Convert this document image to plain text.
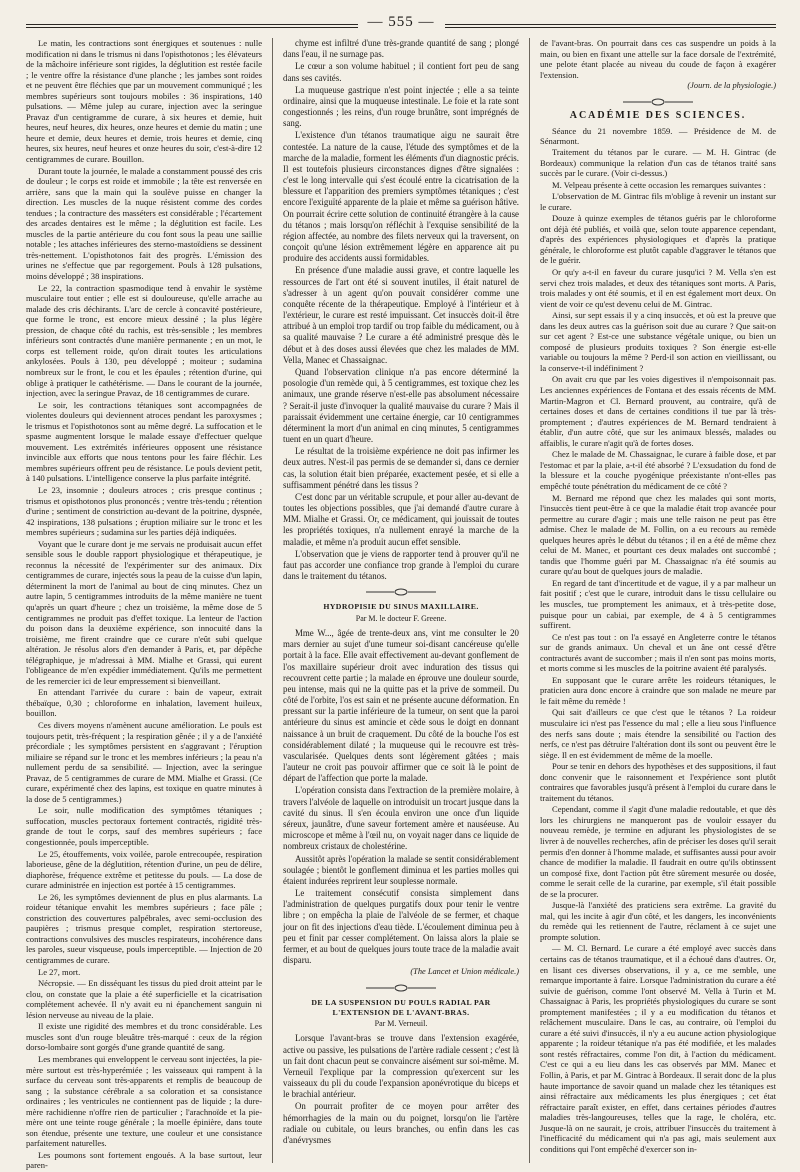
— 555 —

Le matin, les contractions sont énergiques et soutenues : nulle modification ni dans le trismus ni dans l'opisthotonos ; les élévateurs de la mâchoire inférieure sont rigides, la déglutition est restée facile ; le ventre offre la résistance d'une planche ; les jambes sont roides et ne peuvent être fléchies que par un mouvement communiqué ; les membres supérieurs sont toujours mobiles : 36 inspirations, 140 pulsations. — Même julep au curare, injection avec la seringue Pravaz d'un centigramme de curare, à six heures et demie, huit heures, neuf heures, dix heures, onze heures et demie du matin ; une heure et demie, deux heures et demie, trois heures et demie, cinq heures, six heures, neuf heures et onze heures du soir, c'est-à-dire 12 centigrammes de curare. Bouillon.

Durant toute la journée, le malade a constamment poussé des cris de douleur ; le corps est roide et immobile ; la tête est renversée en arrière, sans que la main qui la soulève puisse en changer la direction. Les muscles de la nuque résistent comme des cordes tendues ; la contracture des masséters est considérable ; l'écartement des arcades dentaires est le même ; la déglutition est facile. Les muscles de la partie antérieure du cou font sous la peau une saillie notable ; les attaches inférieures des sterno-mastoïdiens se dessinent très-nettement. L'opisthotonos fait des progrès. L'émission des urines ne s'effectue que par regorgement. Pouls à 128 pulsations, moins développé ; 38 inspirations.

Le 22, la contraction spasmodique tend à envahir le système musculaire tout entier ; elle est si douloureuse, qu'elle arrache au malade des cris déchirants. L'arc de cercle à concavité postérieure, que forme le tronc, est encore mieux dessiné ; la plus légère pression, de chaque côté du rachis, est très-sensible ; les membres inférieurs sont contractés d'une manière permanente ; en un mot, le corps est tellement roide, qu'on dirait toutes les articulations ankylosées. Pouls à 130, peu développé ; moiteur ; sudamina nombreux sur le front, le cou et les épaules ; rétention d'urine, qui oblige à pratiquer le cathétérisme. — Dans le courant de la journée, injection, avec la seringue Pravaz, de 18 centigrammes de curare.

Le soir, les contractions tétaniques sont accompagnées de violentes douleurs qui deviennent atroces pendant les paroxysmes ; le trismus et l'opisthotonos sont au même degré. La suffocation et le spasme augmentent lorsque le malade essaye d'effectuer quelque mouvement. Les extrémités inférieures opposent une résistance invincible aux efforts que nous tentons pour les faire fléchir. Les membres supérieurs offrent peu de résistance. Le pouls devient petit, à 140 pulsations. L'intelligence conserve la plus parfaite intégrité.

Le 23, insomnie ; douleurs atroces ; cris presque continus ; trismus et opisthotonos plus prononcés ; ventre très-tendu ; rétention d'urine ; sentiment de constriction au-devant de la poitrine, dyspnée, 42 inspirations, 138 pulsations ; éruption miliaire sur le tronc et les membres supérieurs ; sudamina sur les parties déjà indiquées.

Voyant que le curare dont je me servais ne produisait aucun effet sensible sous le double rapport physiologique et thérapeutique, je reconnus la nécessité de l'expérimenter sur des animaux. Dix centigrammes de curare, injectés sous la peau de la cuisse d'un lapin, déterminent la mort de l'animal au bout de cinq minutes. Chez un autre lapin, 5 centigrammes introduits de la même manière ne tuent qu'après un quart d'heure ; chez un troisième, la même dose de 5 centigrammes ne produit pas d'effet toxique. La lenteur de l'action du poison dans la deuxième expérience, son innocuité dans la troisième, me firent craindre que ce curare n'eût subi quelque altération. Je résolus alors d'en demander à Paris, et, par dépêche télégraphique, je m'adressai à MM. Mialhe et Grassi, qui eurent l'obligeance de m'en expédier immédiatement. Qu'ils me permettent de les remercier ici de leur empressement si bienveillant.

En attendant l'arrivée du curare : bain de vapeur, extrait thébaïque, 0,30 ; chloroforme en inhalation, lavement huileux, bouillon.

Ces divers moyens n'amènent aucune amélioration. Le pouls est toujours petit, très-fréquent ; la respiration gênée ; il y a de l'anxiété précordiale ; les symptômes persistent en s'aggravant ; l'éruption miliaire se répand sur le tronc et les membres inférieurs ; la peau n'a nullement perdu de sa sensibilité. — Injection, avec la seringue Pravaz, de 5 centigrammes de curare de MM. Mialhe et Grassi. (Ce curare, expérimenté chez des lapins, est toxique en quatre minutes à la dose de 5 centigrammes.)

Le soir, nulle modification des symptômes tétaniques ; suffocation, muscles pectoraux fortement contractés, rigidité très-grande de tout le corps, sauf des membres supérieurs ; face congestionnée, pouls imperceptible.

Le 25, étouffements, voix voilée, parole entrecoupée, respiration laborieuse, gêne de la déglutition, rétention d'urine, un peu de délire, diaphorèse, fréquence extrême et petitesse du pouls. — La dose de curare administrée en injection est portée à 15 centigrammes.

Le 26, les symptômes deviennent de plus en plus alarmants. La roideur tétanique envahit les membres supérieurs ; face pâle ; constriction des couvertures palpébrales, avec semi-occlusion des paupières ; trismus presque complet, respiration stertoreuse, contractions convulsives des muscles respirateurs, incohérence dans les paroles, sueur visqueuse, pouls imperceptible. — Injection de 20 centigrammes de curare.

Le 27, mort.

Nécropsie. — En disséquant les tissus du pied droit atteint par le clou, on constate que la plaie a été superficielle et la cicatrisation complétement achevée. Il n'y avait eu ni épanchement sanguin ni lésion nerveuse au niveau de la plaie.

Il existe une rigidité des membres et du tronc considérable. Les muscles sont d'un rouge bleuâtre très-marqué : ceux de la région dorso-lombaire sont gorgés d'une grande quantité de sang.

Les membranes qui enveloppent le cerveau sont injectées, la pie-mère surtout est très-hyperémiée ; les vaisseaux qui rampent à la surface du cerveau sont très-apparents et remplis de beaucoup de sang ; la substance cérébrale a sa coloration et sa consistance ordinaires ; les ventricules ne contiennent pas de liquide ; la dure-mère rachidienne n'offre rien de particulier ; l'arachnoïde et la pie-mère ont une teinte rouge générale ; la moelle épinière, dans toute son étendue, présente une texture, une couleur et une consistance parfaitement naturelles.

Les poumons sont fortement engoués. A la base surtout, leur paren-

chyme est infiltré d'une très-grande quantité de sang ; plongé dans l'eau, il ne surnage pas.

Le cœur a son volume habituel ; il contient fort peu de sang dans ses cavités.

La muqueuse gastrique n'est point injectée ; elle a sa teinte ordinaire, ainsi que la muqueuse intestinale. Le foie et la rate sont congestionnés ; les reins, d'un rouge brunâtre, sont imprégnés de sang.

L'existence d'un tétanos traumatique aigu ne saurait être contestée. La nature de la cause, l'étude des symptômes et de la marche de la maladie, forment les éléments d'un diagnostic précis. Il est toutefois plusieurs circonstances dignes d'être signalées : c'est le long intervalle qui s'est écoulé entre la cicatrisation de la blessure et l'apparition des premiers symptômes tétaniques ; c'est encore l'exiguïté apparente de la plaie et même sa guérison hâtive. On pourrait écrire cette solution de continuité étrangère à la cause du tétanos ; mais lorsqu'on réfléchit à l'exquise sensibilité de la région affectée, au nombre des filets nerveux qui la traversent, on conçoit qu'une lésion extrêmement légère en apparence ait pu produire des accidents aussi formidables.

En présence d'une maladie aussi grave, et contre laquelle les ressources de l'art ont été si souvent inutiles, il était naturel de s'adresser à un agent qu'on pouvait considérer comme une conquête récente de la thérapeutique. Employé à l'intérieur et à l'extérieur, le curare est resté impuissant. Cet insuccès doit-il être attribué à un emploi trop tardif ou trop faible du médicament, ou à sa qualité mauvaise ? Le curare a été administré presque dès le début et à des doses aussi élevées que chez les malades de MM. Vella, Manec et Chassaignac.

Quand l'observation clinique n'a pas encore déterminé la posologie d'un remède qui, à 5 centigrammes, est toxique chez les animaux, une grande réserve n'est-elle pas absolument nécessaire ? Serait-il juste d'invoquer la qualité mauvaise du curare ? Mais il paraissait évidemment une certaine énergie, car 10 centigrammes déterminent la mort d'un animal en cinq minutes, 5 centigrammes tuent en un quart d'heure.

Le résultat de la troisième expérience ne doit pas infirmer les deux autres. N'est-il pas permis de se demander si, dans ce dernier cas, la solution était bien préparée, exactement pesée, et si elle a suffisamment pénétré dans les tissus ?

C'est donc par un véritable scrupule, et pour aller au-devant de toutes les objections possibles, que j'ai demandé d'autre curare à MM. Mialhe et Grassi. Or, ce médicament, qui jouissait de toutes les propriétés toxiques, n'a nullement enrayé la marche de la maladie, et même n'a produit aucun effet sensible.

L'observation que je viens de rapporter tend à prouver qu'il ne faut pas accorder une confiance trop grande à l'emploi du curare dans le traitement du tétanos.

HYDROPISIE DU SINUS MAXILLAIRE.
Par M. le docteur F. Greene.

Mme W..., âgée de trente-deux ans, vint me consulter le 20 mars dernier au sujet d'une tumeur soi-disant cancéreuse qu'elle portait à la face. Elle avait effectivement au-devant gonflement de l'os maxillaire supérieur droit avec induration des tissus qui recouvrent cette partie ; la malade en éprouve une douleur sourde, peu intense, mais qui ne la quitte pas et la prive de sommeil. Du côté de l'orbite, l'os est sain et ne présente aucune déformation. En pressant sur la partie inférieure de la tumeur, on sent que la paroi antérieure du sinus est amincie et cède sous le doigt en donnant naissance à un bruit de craquement. Du côté de la bouche l'os est considérablement dilaté ; la muqueuse qui le recouvre est très-vascularisée. Quelques dents sont légèrement gâtées ; mais l'auteur ne croit pas pouvoir affirmer que ce soit là le point de départ de l'affection que porte la malade.

L'opération consista dans l'extraction de la première molaire, à travers l'alvéole de laquelle on introduisit un trocart jusque dans la cavité du sinus. Il s'en écoula environ une once d'un liquide séreux, jaunâtre, d'une saveur fortement amère et nauséeuse. Au microscope et même à l'œil nu, on voyait nager dans ce liquide de nombreux cristaux de cholestérine.

Aussitôt après l'opération la malade se sentit considérablement soulagée ; bientôt le gonflement diminua et les parties molles qui étaient indurées reprirent leur souplesse normale.

Le traitement consécutif consista simplement dans l'administration de quelques purgatifs doux pour tenir le ventre libre ; on empêcha la plaie de l'alvéole de se fermer, et chaque jour on fit des injections d'eau tiède. L'écoulement diminua peu à peu et finit par cesser complétement. On laissa alors la plaie se fermer, et au bout de quelques jours toute trace de la maladie avait disparu.

(The Lancet et Union médicale.)
DE LA SUSPENSION DU POULS RADIAL PAR L'EXTENSION DE L'AVANT-BRAS.
Par M. Verneuil.

Lorsque l'avant-bras se trouve dans l'extension exagérée, active ou passive, les pulsations de l'artère radiale cessent ; c'est là un fait dont chacun peut se convaincre aisément sur soi-même. M. Verneuil l'explique par la compression qu'exercent sur les vaisseaux du pli du coude l'expansion aponévrotique du biceps et le brachial antérieur.

On pourrait profiter de ce moyen pour arrêter des hémorrhagies de la main ou du poignet, lorsqu'on lie l'artère radiale ou cubitale, ou leurs branches, ou enfin dans les cas d'anévrysmes

de l'avant-bras. On pourrait dans ces cas suspendre un poids à la main, ou bien en fixant une attelle sur la face dorsale de l'extrémité, une pelote étant placée au niveau du coude de façon à exagérer l'extension.

(Journ. de la physiologie.)
ACADÉMIE DES SCIENCES.

Séance du 21 novembre 1859. — Présidence de M. de Sénarmont.

Traitement du tétanos par le curare. — M. H. Gintrac (de Bordeaux) communique la relation d'un cas de tétanos traité sans succès par le curare. (Voir ci-dessus.)

M. Velpeau présente à cette occasion les remarques suivantes :

L'observation de M. Gintrac fils m'oblige à revenir un instant sur le curare.

Douze à quinze exemples de tétanos guéris par le chloroforme ont déjà été publiés, et voilà que, selon toute apparence cependant, d'après des expériences physiologiques et d'après la pratique générale, le chloroforme est plutôt capable d'aggraver le tétanos que de le guérir.

Or qu'y a-t-il en faveur du curare jusqu'ici ? M. Vella s'en est servi chez trois malades, et deux des tétaniques sont morts. A Paris, trois malades y ont été soumis, et il en est également mort deux. On vient de voir ce qu'est devenu celui de M. Gintrac.

Ainsi, sur sept essais il y a cinq insuccès, et où est la preuve que dans les deux autres cas la guérison soit due au curare ? Que sait-on sur cet agent ? Est-ce une substance végétale unique, ou bien un composé de plusieurs produits toxiques ? Son énergie est-elle variable ou toujours la même ? Perd-il son action en vieillissant, ou la conserve-t-il indéfiniment ?

On avait cru que par les voies digestives il n'empoisonnait pas. Les anciennes expériences de Fontana et des essais récents de MM. Martin-Magron et Cl. Bernard prouvent, au contraire, qu'à de certaines doses et dans de certaines conditions il tue par là très-promptement ; d'autres expériences de M. Bernard tendraient à établir, d'un autre côté, que sur les animaux blessés, malades ou affaiblis, le curare n'agit qu'à de fortes doses.

Chez le malade de M. Chassaignac, le curare à faible dose, et par l'estomac et par la plaie, a-t-il été absorbé ? L'exsudation du fond de la blessure et la couche pyogénique préexistante n'ont-elles pas empêché toute pénétration du médicament de ce côté ?

M. Bernard me répond que chez les malades qui sont morts, l'insuccès tient peut-être à ce que la maladie était trop avancée pour permettre au curare d'agir ; mais une telle raison ne peut pas être admise. Chez le malade de M. Follin, on a eu recours au remède quelques heures après le début du tétanos ; il en a été de même chez celui de M. Manec, et pourtant ces deux malades ont succombé ; tandis que l'homme guéri par M. Chassaignac n'a été soumis au curare qu'au bout de quelques jours de maladie.

En regard de tant d'incertitude et de vague, il y a par malheur un fait positif ; c'est que le curare, introduit dans le tissu cellulaire ou les muscles, tue promptement les animaux, et à très-petite dose, puisque pour un cabiai, par exemple, de 4 à 5 centigrammes suffirent.

Ce n'est pas tout : on l'a essayé en Angleterre contre le tétanos sur de grands animaux. Un cheval et un âne ont cessé d'être contracturés avant de succomber ; mais il n'en sont pas moins morts, et morts comme si les muscles de la poitrine avaient été paralysés.

En supposant que le curare arrête les roideurs tétaniques, le praticien aura donc encore à craindre que son malade ne meure par le fait même du remède !

Qui sait d'ailleurs ce que c'est que le tétanos ? La roideur musculaire ici n'est pas l'essence du mal ; elle a lieu sous l'influence des nerfs sans doute ; mais étendre la sensibilité ou l'action des nerfs, ce n'est pas détruire l'altération dont ils sont ou peuvent être le siège. Il en est évidemment de même de la moelle.

Pour se tenir en dehors des hypothèses et des suppositions, il faut donc convenir que le raisonnement et l'expérience sont plutôt contraires que favorables jusqu'à présent à l'emploi du curare dans le traitement du tétanos.

Cependant, comme il s'agit d'une maladie redoutable, et que dès lors les chirurgiens ne manqueront pas de vouloir essayer du nouveau remède, je termine en adjurant les physiologistes de se livrer à de nouvelles recherches, afin de préciser les doses qu'il serait permis d'en donner à l'homme malade, et suffisantes aussi pour avoir chance de modifier la maladie. Il faudrait en outre qu'ils obtinssent un composé fixe, dont l'action pût être sûrement mesurée ou dosée, comme le serait celle de la curarine, par exemple, s'il était possible de se la procurer.

Jusque-là l'anxiété des praticiens sera extrême. La gravité du mal, qui les incite à agir d'un côté, et les dangers, les inconvénients du remède qui les retiennent de l'autre, réclament à ce sujet une prompte solution.

— M. Cl. Bernard. Le curare a été employé avec succès dans certains cas de tétanos traumatique, et il a échoué dans d'autres. Or, en lisant ces diverses observations, il y a, ce me semble, une remarque importante à faire. Lorsque l'administration du curare a été suivie de guérison, comme l'ont observé M. Vella à Turin et M. Chassaignac à Paris, les propriétés physiologiques du curare se sont promptement manifestées ; il y a eu modification du tétanos et relâchement musculaire. Dans le cas, au contraire, où l'emploi du curare a été suivi d'insuccès, il n'y a eu aucune action physiologique apparente ; la roideur tétanique n'a pas été modifiée, et les malades sont restés réfractaires, comme l'on dit, à l'action du médicament. C'est ce qui a eu lieu dans les cas observés par MM. Manec et Follin, à Paris, et par M. Gintrac à Bordeaux. Il serait donc de la plus haute importance de savoir quand un malade chez les tétaniques est ainsi réfractaire aux médicaments les plus énergiques ; cet état réfractaire paraît exister, en effet, dans certaines périodes d'autres maladies très-langoureuses, telles que la rage, le choléra, etc. Jusque-là on ne saurait, je crois, attribuer l'insuccès du traitement à l'inefficacité du médicament qui n'a pas agi, mais seulement aux conditions qui l'ont empêché d'exercer son in-
